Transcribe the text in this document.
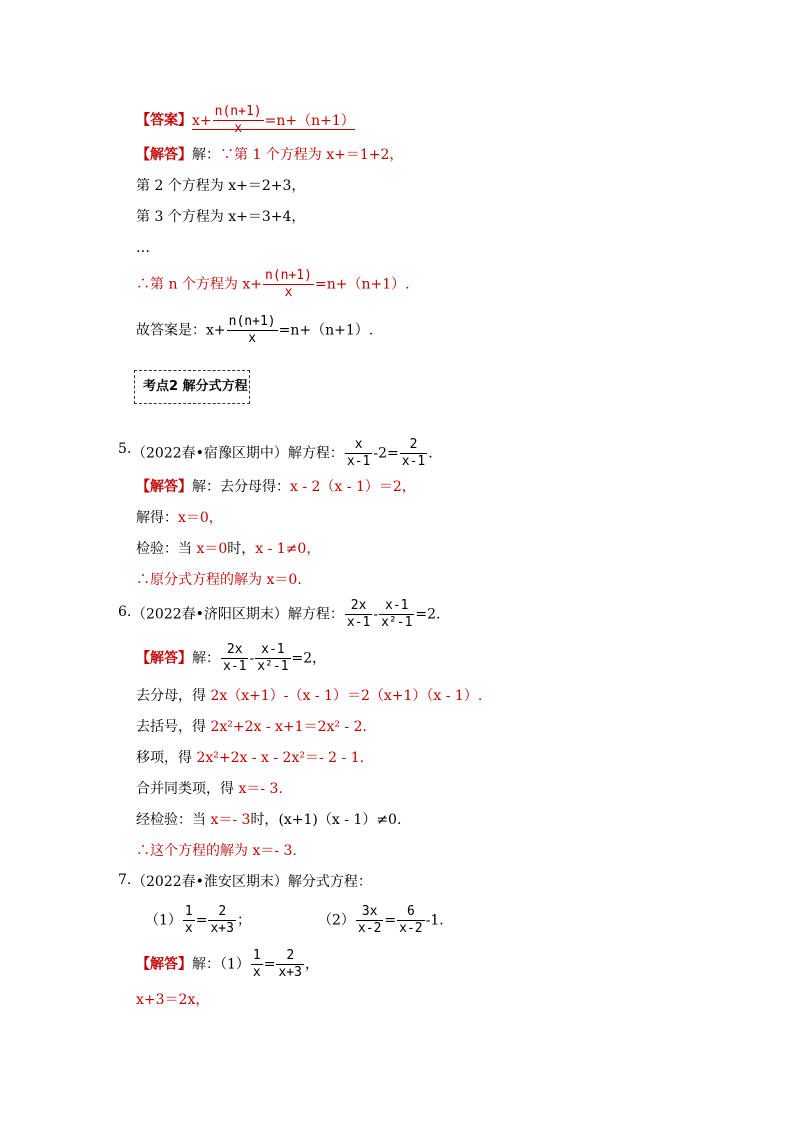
【答案】$x+ \frac{n(n+1)}{x} =n+(n+1)$
【解答】解：∵第 1 个方程为 x+＝1+2，
第 2 个方程为 x+＝2+3，
第 3 个方程为 x+＝3+4，
…
∴第 n 个方程为 $x+ \frac{n(n+1)}{x} =n+(n+1)$.
故答案是：$x+ \frac{n(n+1)}{x} =n+(n+1)$.
考点2 解分式方程
5. （2022春•宿豫区期中）解方程： $\frac{x}{x-1} -2= \frac{2}{x-1}$ .
【解答】解：去分母得：x - 2（x - 1）＝2，
解得：x＝0，
检验：当 x＝0时，x - 1≠0，
∴原分式方程的解为 x＝0.
6. （2022春•济阳区期末）解方程： $\frac{2x}{x-1} - \frac{x-1}{\text{x²-1}} =2$.
【解答】解： $\frac{2x}{x-1} - \frac{x-1}{\text{x²-1}} =2$，
去分母，得 2x（x+1）-（x - 1）＝2（x+1）（x - 1）.
去括号，得 2x²+2x - x+1＝2x² - 2.
移项，得 2x²+2x - x - 2x²＝- 2 - 1.
合并同类项，得 x＝- 3.
经检验：当 x＝- 3时，(x+1)（x - 1）≠0.
∴这个方程的解为 x＝- 3.
7. （2022春•淮安区期末）解分式方程：
$(1) \frac{1}{x} = \frac{2}{x+3}$ ；	$(2) \frac{3x}{x-2} = \frac{6}{x-2} -1$.
【解答】解：$(1) \frac{1}{x} = \frac{2}{x+3}$ ，
x+3＝2x，
